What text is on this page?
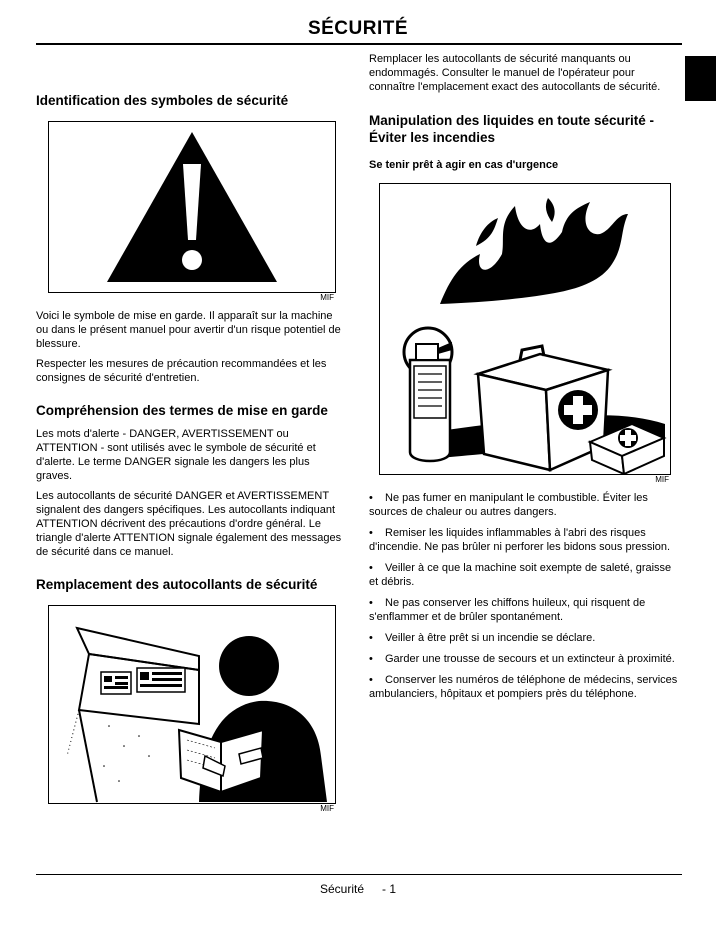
SÉCURITÉ
Identification des symboles de sécurité
MIF

Voici le symbole de mise en garde. Il apparaît sur la machine ou dans le présent manuel pour avertir d'un risque potentiel de blessure.

Respecter les mesures de précaution recommandées et les consignes de sécurité d'entretien.

Compréhension des termes de mise en garde

Les mots d'alerte - DANGER, AVERTISSEMENT ou ATTENTION - sont utilisés avec le symbole de sécurité et d'alerte. Le terme DANGER signale les dangers les plus graves.

Les autocollants de sécurité DANGER et AVERTISSEMENT signalent des dangers spécifiques. Les autocollants indiquant ATTENTION décrivent des précautions d'ordre général. Le triangle d'alerte ATTENTION signale également des messages de sécurité dans ce manuel.

Remplacement des autocollants de sécurité
MIF

Remplacer les autocollants de sécurité manquants ou endommagés. Consulter le manuel de l'opérateur pour connaître l'emplacement exact des autocollants de sécurité.

Manipulation des liquides en toute sécurité - Éviter les incendies
Se tenir prêt à agir en cas d'urgence
MIF
• Ne pas fumer en manipulant le combustible. Éviter les sources de chaleur ou autres dangers.
• Remiser les liquides inflammables à l'abri des risques d'incendie. Ne pas brûler ni perforer les bidons sous pression.
• Veiller à ce que la machine soit exempte de saleté, graisse et débris.
• Ne pas conserver les chiffons huileux, qui risquent de s'enflammer et de brûler spontanément.
• Veiller à être prêt si un incendie se déclare.
• Garder une trousse de secours et un extincteur à proximité.
• Conserver les numéros de téléphone de médecins, services ambulanciers, hôpitaux et pompiers près du téléphone.
Sécurité - 1
